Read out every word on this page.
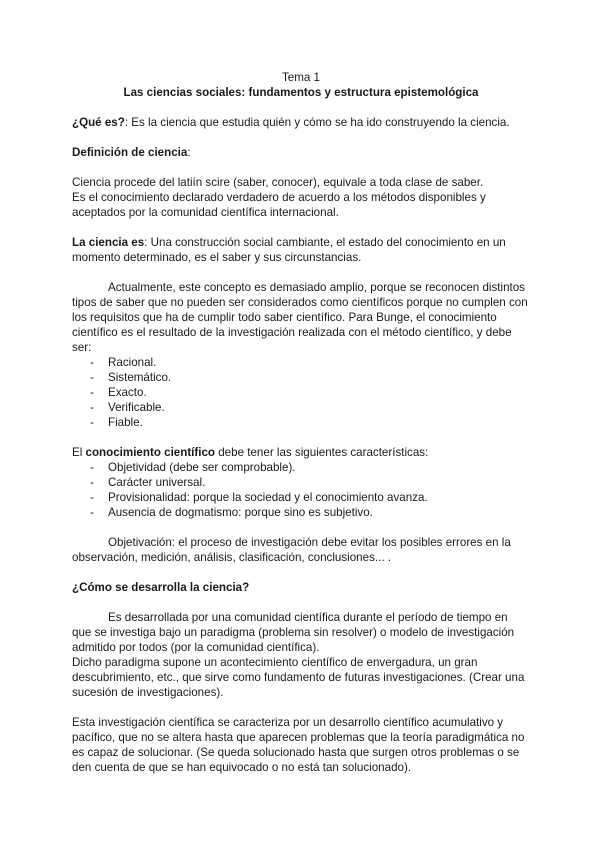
Tema 1

Las ciencias sociales: fundamentos y estructura epistemológica

¿Qué es?: Es la ciencia que estudia quién y cómo se ha ido construyendo la ciencia.

Definición de ciencia:

Ciencia procede del latiín scire (saber, conocer), equivale a toda clase de saber.

Es el conocimiento declarado verdadero de acuerdo a los métodos disponibles y aceptados por la comunidad científica internacional.

La ciencia es: Una construcción social cambiante, el estado del conocimiento en un momento determinado, es el saber y sus circunstancias.

Actualmente, este concepto es demasiado amplio, porque se reconocen distintos tipos de saber que no pueden ser considerados como científicos porque no cumplen con los requisitos que ha de cumplir todo saber científico. Para Bunge, el conocimiento científico es el resultado de la investigación realizada con el método científico, y debe ser:

- Racional.
- Sistemático.
- Exacto.
- Verificable.
- Fiable.

El conocimiento científico debe tener las siguientes características:

- Objetividad (debe ser comprobable).
- Carácter universal.
- Provisionalidad: porque la sociedad y el conocimiento avanza.
- Ausencia de dogmatismo: porque sino es subjetivo.

Objetivación: el proceso de investigación debe evitar los posibles errores en la observación, medición, análisis, clasificación, conclusiones... .

¿Cómo se desarrolla la ciencia?

Es desarrollada por una comunidad científica durante el período de tiempo en que se investiga bajo un paradigma (problema sin resolver) o modelo de investigación admitido por todos (por la comunidad científica).

Dicho paradigma supone un acontecimiento científico de envergadura, un gran descubrimiento, etc., que sirve como fundamento de futuras investigaciones. (Crear una sucesión de investigaciones).

Esta investigación científica se caracteriza por un desarrollo científico acumulativo y pacífico, que no se altera hasta que aparecen problemas que la teoría paradigmática no es capaz de solucionar. (Se queda solucionado hasta que surgen otros problemas o se den cuenta de que se han equivocado o no está tan solucionado).
